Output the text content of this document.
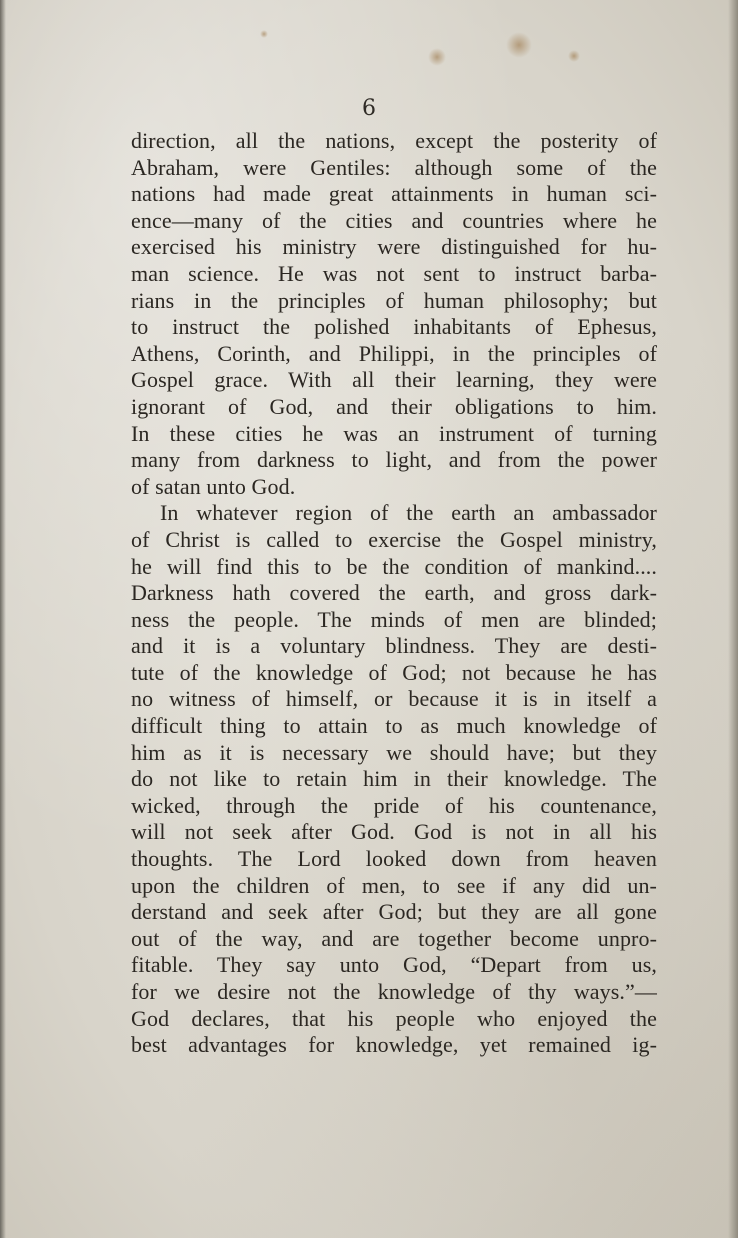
6
direction, all the nations, except the posterity of
Abraham, were Gentiles: although some of the
nations had made great attainments in human sci-
ence—many of the cities and countries where he
exercised his ministry were distinguished for hu-
man science. He was not sent to instruct barba-
rians in the principles of human philosophy; but
to instruct the polished inhabitants of Ephesus,
Athens, Corinth, and Philippi, in the principles of
Gospel grace. With all their learning, they were
ignorant of God, and their obligations to him.
In these cities he was an instrument of turning
many from darkness to light, and from the power
of satan unto God.
In whatever region of the earth an ambassador
of Christ is called to exercise the Gospel ministry,
he will find this to be the condition of mankind....
Darkness hath covered the earth, and gross dark-
ness the people. The minds of men are blinded;
and it is a voluntary blindness. They are desti-
tute of the knowledge of God; not because he has
no witness of himself, or because it is in itself a
difficult thing to attain to as much knowledge of
him as it is necessary we should have; but they
do not like to retain him in their knowledge. The
wicked, through the pride of his countenance,
will not seek after God. God is not in all his
thoughts. The Lord looked down from heaven
upon the children of men, to see if any did un-
derstand and seek after God; but they are all gone
out of the way, and are together become unpro-
fitable. They say unto God, “Depart from us,
for we desire not the knowledge of thy ways.”—
God declares, that his people who enjoyed the
best advantages for knowledge, yet remained ig-
